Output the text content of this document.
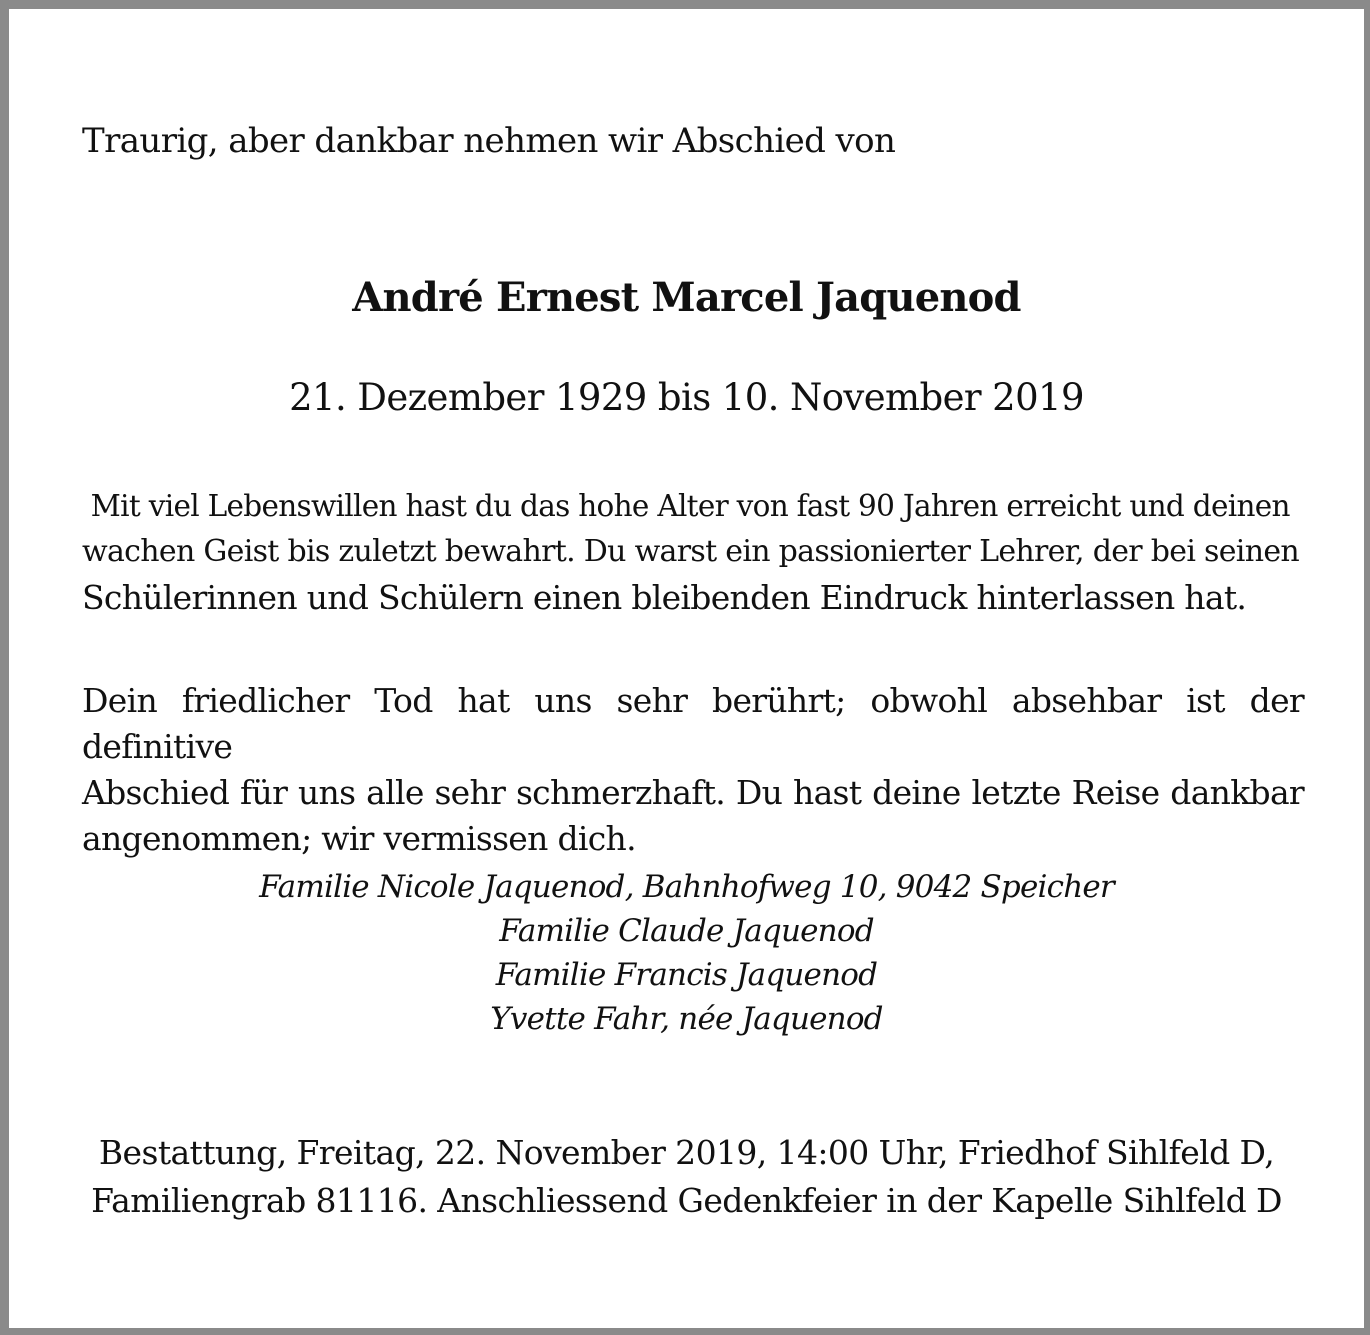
Traurig, aber dankbar nehmen wir Abschied von
André Ernest Marcel Jaquenod
21. Dezember 1929 bis 10. November 2019
Mit viel Lebenswillen hast du das hohe Alter von fast 90 Jahren erreicht und deinen
wachen Geist bis zuletzt bewahrt. Du warst ein passionierter Lehrer, der bei seinen
Schülerinnen und Schülern einen bleibenden Eindruck hinterlassen hat.
Dein friedlicher Tod hat uns sehr berührt; obwohl absehbar ist der definitive
Abschied für uns alle sehr schmerzhaft. Du hast deine letzte Reise dankbar
angenommen; wir vermissen dich.
Familie Nicole Jaquenod, Bahnhofweg 10, 9042 Speicher
Familie Claude Jaquenod
Familie Francis Jaquenod
Yvette Fahr, née Jaquenod
Bestattung, Freitag, 22. November 2019, 14:00 Uhr, Friedhof Sihlfeld D,
Familiengrab 81116. Anschliessend Gedenkfeier in der Kapelle Sihlfeld D
